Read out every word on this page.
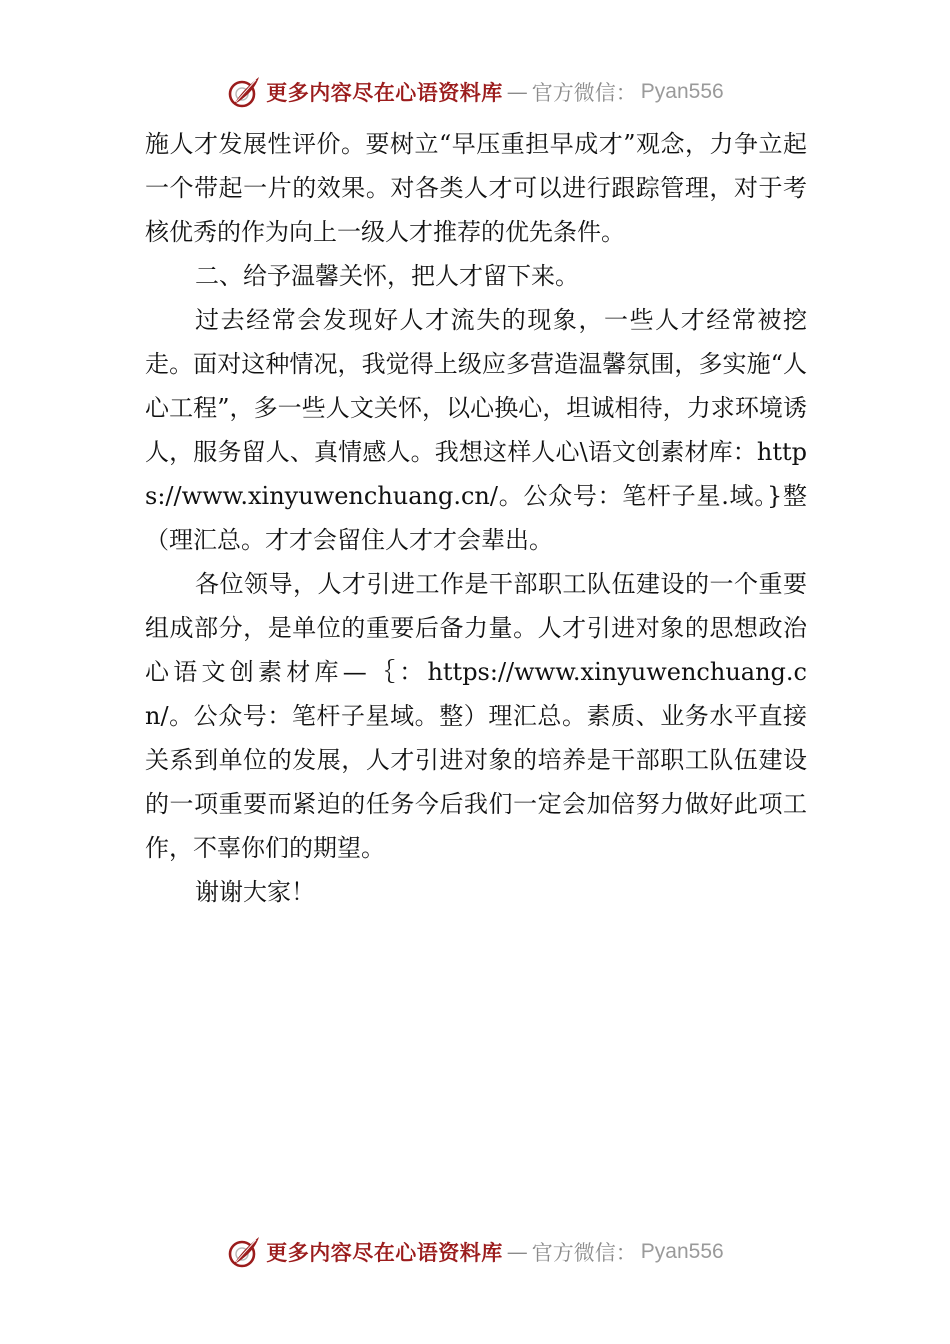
更多内容尽在心语资料库 — 官方微信： Pyan556

施人才发展性评价。要树立“早压重担早成才”观念，力争立起一个带起一片的效果。对各类人才可以进行跟踪管理，对于考核优秀的作为向上一级人才推荐的优先条件。

二、给予温馨关怀，把人才留下来。

过去经常会发现好人才流失的现象，一些人才经常被挖走。面对这种情况，我觉得上级应多营造温馨氛围，多实施“人心工程”，多一些人文关怀，以心换心，坦诚相待，力求环境诱人，服务留人、真情感人。我想这样人心\语文创素材库：https://www.xinyuwenchuang.cn/。公众号：笔杆子星.域。}整（理汇总。才才会留住人才才会辈出。

各位领导，人才引进工作是干部职工队伍建设的一个重要组成部分，是单位的重要后备力量。人才引进对象的思想政治心语文创素材库—｛：https://www.xinyuwenchuang.cn/。公众号：笔杆子星域。整）理汇总。素质、业务水平直接关系到单位的发展，人才引进对象的培养是干部职工队伍建设的一项重要而紧迫的任务今后我们一定会加倍努力做好此项工作，不辜你们的期望。

谢谢大家！

更多内容尽在心语资料库 — 官方微信： Pyan556
